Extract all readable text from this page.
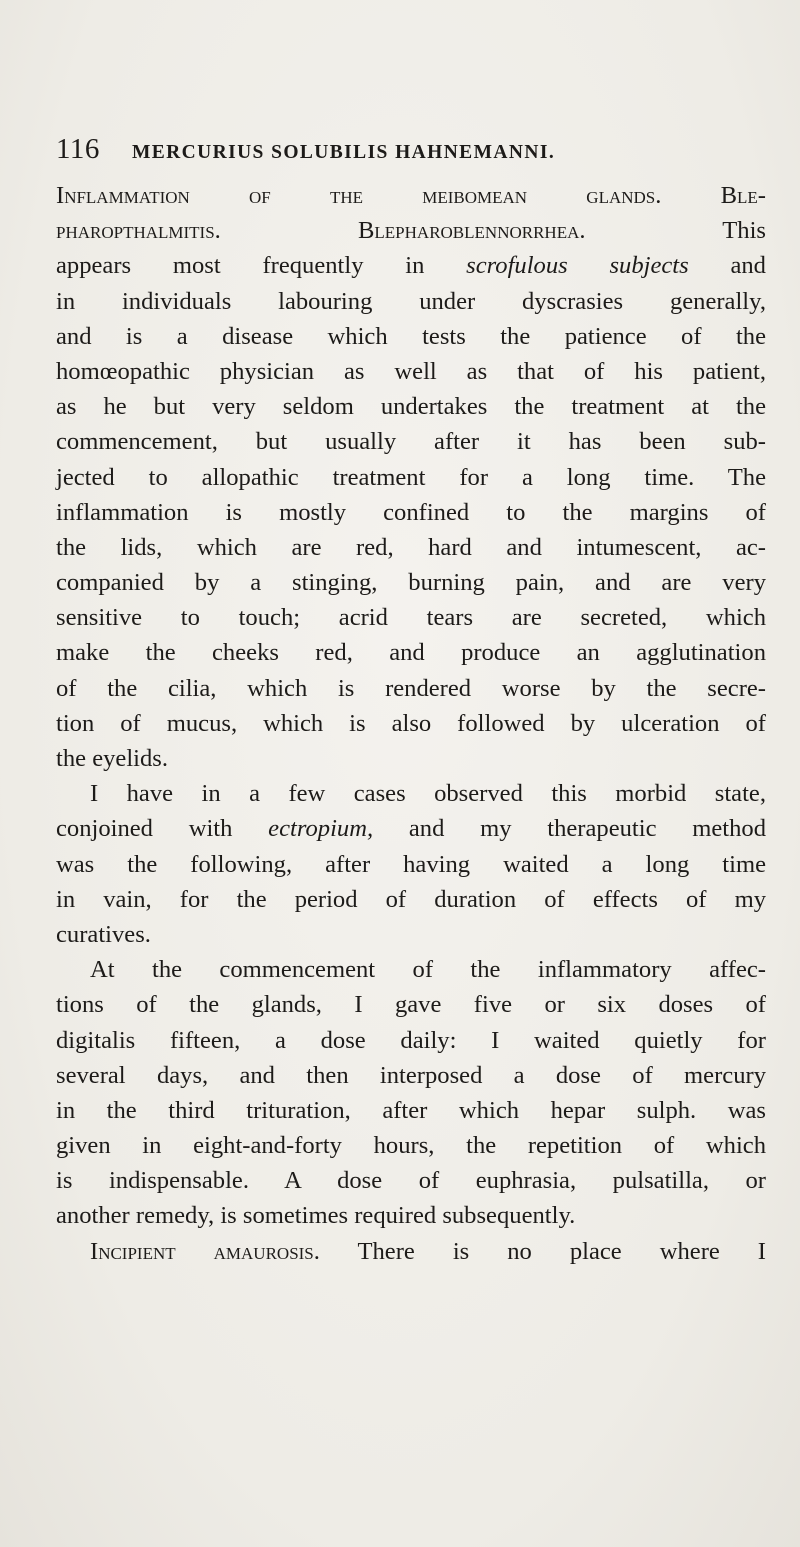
116 MERCURIUS SOLUBILIS HAHNEMANNI.
Inflammation of the meibomean glands. Ble-
pharopthalmitis. Blepharoblennorrhea. This
appears most frequently in scrofulous subjects and
in individuals labouring under dyscrasies generally,
and is a disease which tests the patience of the
homœopathic physician as well as that of his patient,
as he but very seldom undertakes the treatment at the
commencement, but usually after it has been sub-
jected to allopathic treatment for a long time. The
inflammation is mostly confined to the margins of
the lids, which are red, hard and intumescent, ac-
companied by a stinging, burning pain, and are very
sensitive to touch; acrid tears are secreted, which
make the cheeks red, and produce an agglutination
of the cilia, which is rendered worse by the secre-
tion of mucus, which is also followed by ulceration of
the eyelids.
I have in a few cases observed this morbid state,
conjoined with ectropium, and my therapeutic method
was the following, after having waited a long time
in vain, for the period of duration of effects of my
curatives.
At the commencement of the inflammatory affec-
tions of the glands, I gave five or six doses of
digitalis fifteen, a dose daily: I waited quietly for
several days, and then interposed a dose of mercury
in the third trituration, after which hepar sulph. was
given in eight-and-forty hours, the repetition of which
is indispensable. A dose of euphrasia, pulsatilla, or
another remedy, is sometimes required subsequently.
Incipient amaurosis. There is no place where I
